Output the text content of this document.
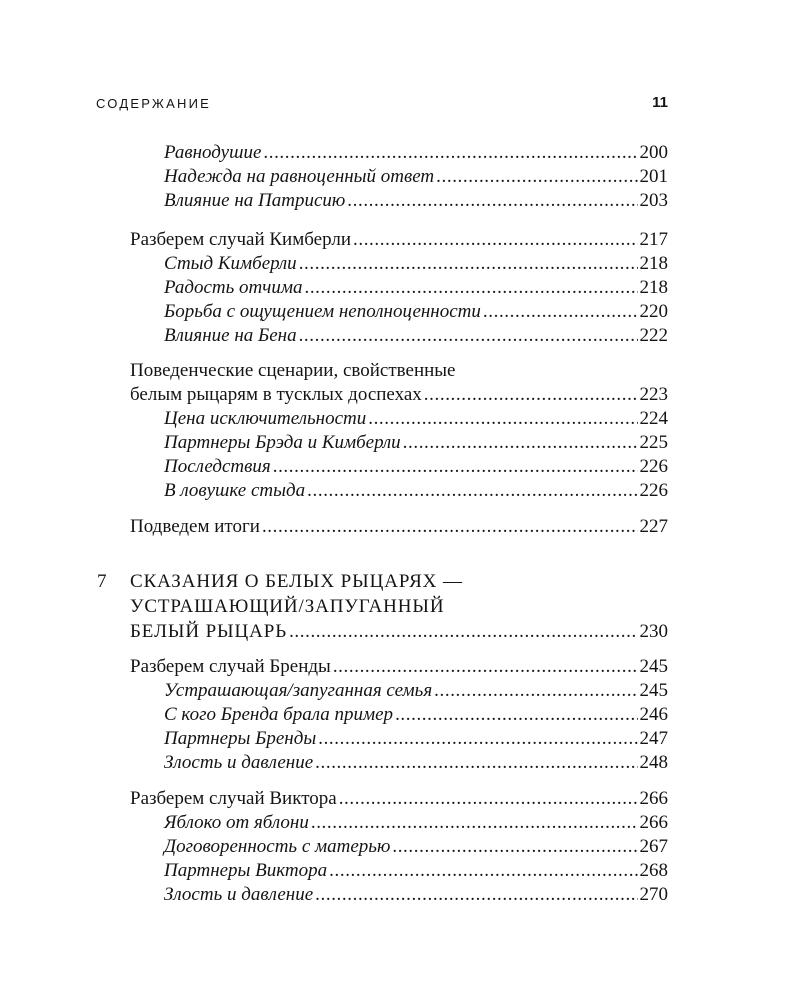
СОДЕРЖАНИЕ	11
Равнодушие .....	200
Надежда на равноценный ответ .....	201
Влияние на Патрисию .....	203
Разберем случай Кимберли .....	217
Стыд Кимберли .....	218
Радость отчима .....	218
Борьба с ощущением неполноценности .....	220
Влияние на Бена .....	222
Поведенческие сценарии, свойственные
белым рыцарям в тусклых доспехах .....	223
Цена исключительности .....	224
Партнеры Брэда и Кимберли .....	225
Последствия .....	226
В ловушке стыда .....	226
Подведем итоги .....	227
7 СКАЗАНИЯ О БЕЛЫХ РЫЦАРЯХ —
УСТРАШАЮЩИЙ/ЗАПУГАННЫЙ
БЕЛЫЙ РЫЦАРЬ .....	230
Разберем случай Бренды .....	245
Устрашающая/запуганная семья .....	245
С кого Бренда брала пример .....	246
Партнеры Бренды .....	247
Злость и давление .....	248
Разберем случай Виктора .....	266
Яблоко от яблони .....	266
Договоренность с матерью .....	267
Партнеры Виктора .....	268
Злость и давление .....	270
